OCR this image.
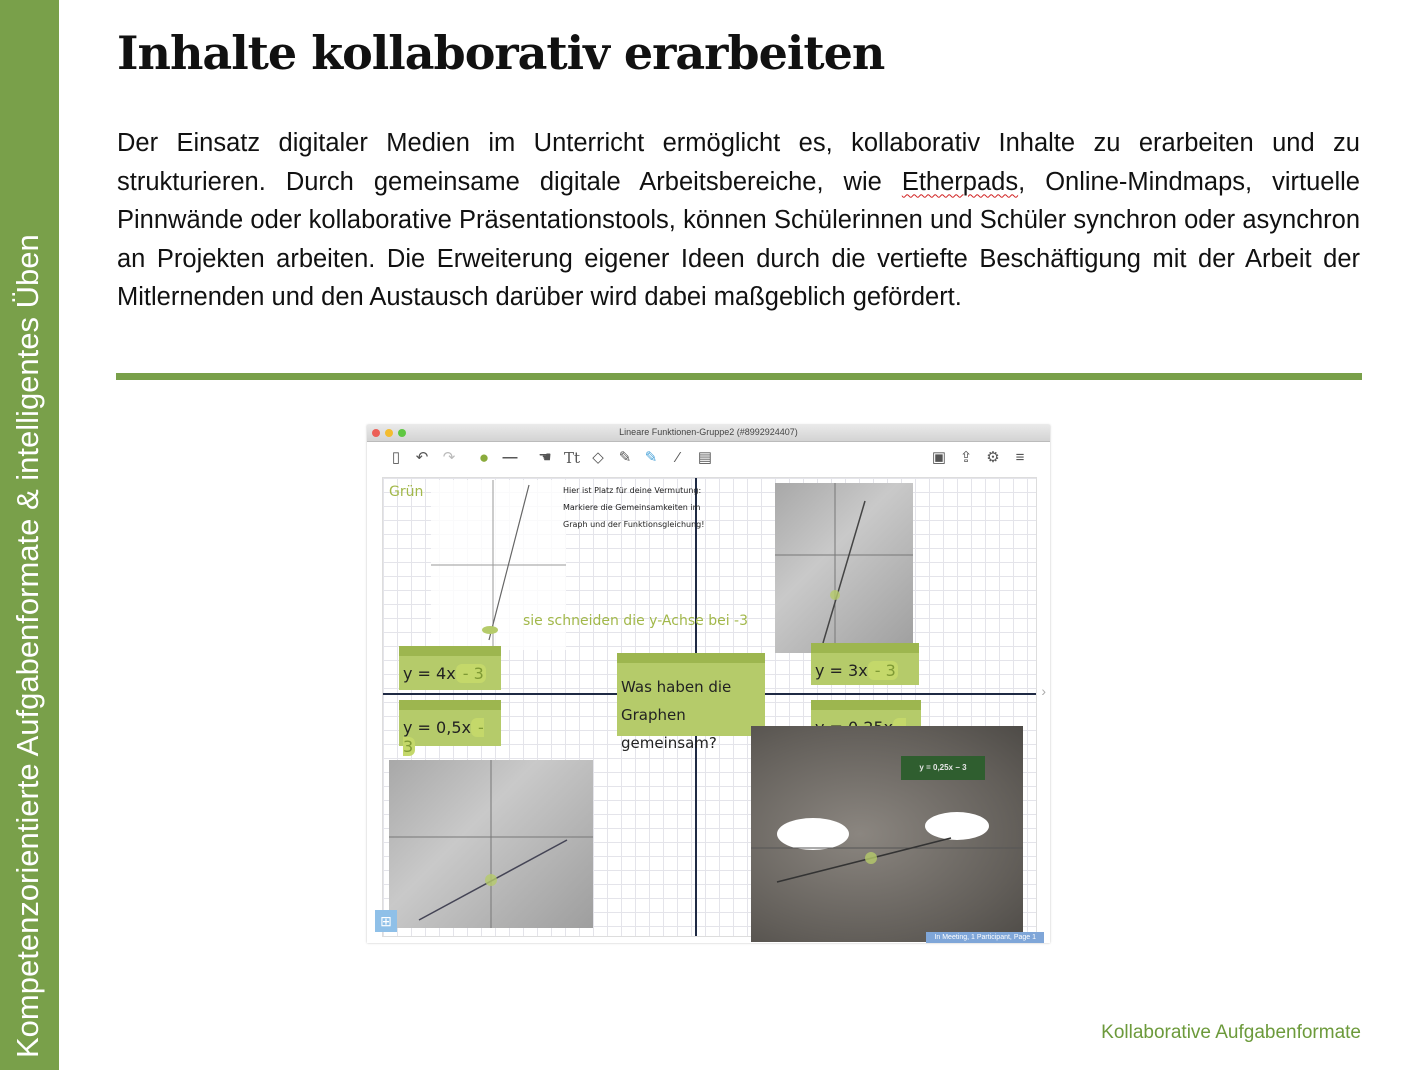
Kompetenzorientierte Aufgabenformate & intelligentes Üben
Inhalte kollaborativ erarbeiten

Der Einsatz digitaler Medien im Unterricht ermöglicht es, kollaborativ Inhalte zu erarbeiten und zu strukturieren. Durch gemeinsame digitale Arbeitsbereiche, wie Etherpads, Online-Mindmaps, virtuelle Pinnwände oder kollaborative Präsentationstools, können Schülerinnen und Schüler synchron oder asynchron an Projekten arbeiten. Die Erweiterung eigener Ideen durch die vertiefte Beschäftigung mit der Arbeit der Mitlernenden und den Austausch darüber wird dabei maßgeblich gefördert.

Lineare Funktionen-Gruppe2 (#8992924407)
▯	↶ ↷ ● — ☚ Tt ◇ ✎ ✎	⁄	▤	▣ ⇪ ⚙	≡
Grün	Hier ist Platz für deine Vermutung:
Markiere die Gemeinsamkeiten im
Graph und der Funktionsgleichung!
sie schneiden die y-Achse bei -3
y = 4x - 3	y = 3x - 3
Was haben die
Graphen gemeinsam?
y = 0,5x - 3
y = 0,25x − 3
⊞
›
In Meeting, 1 Participant, Page 1
Kollaborative Aufgabenformate
